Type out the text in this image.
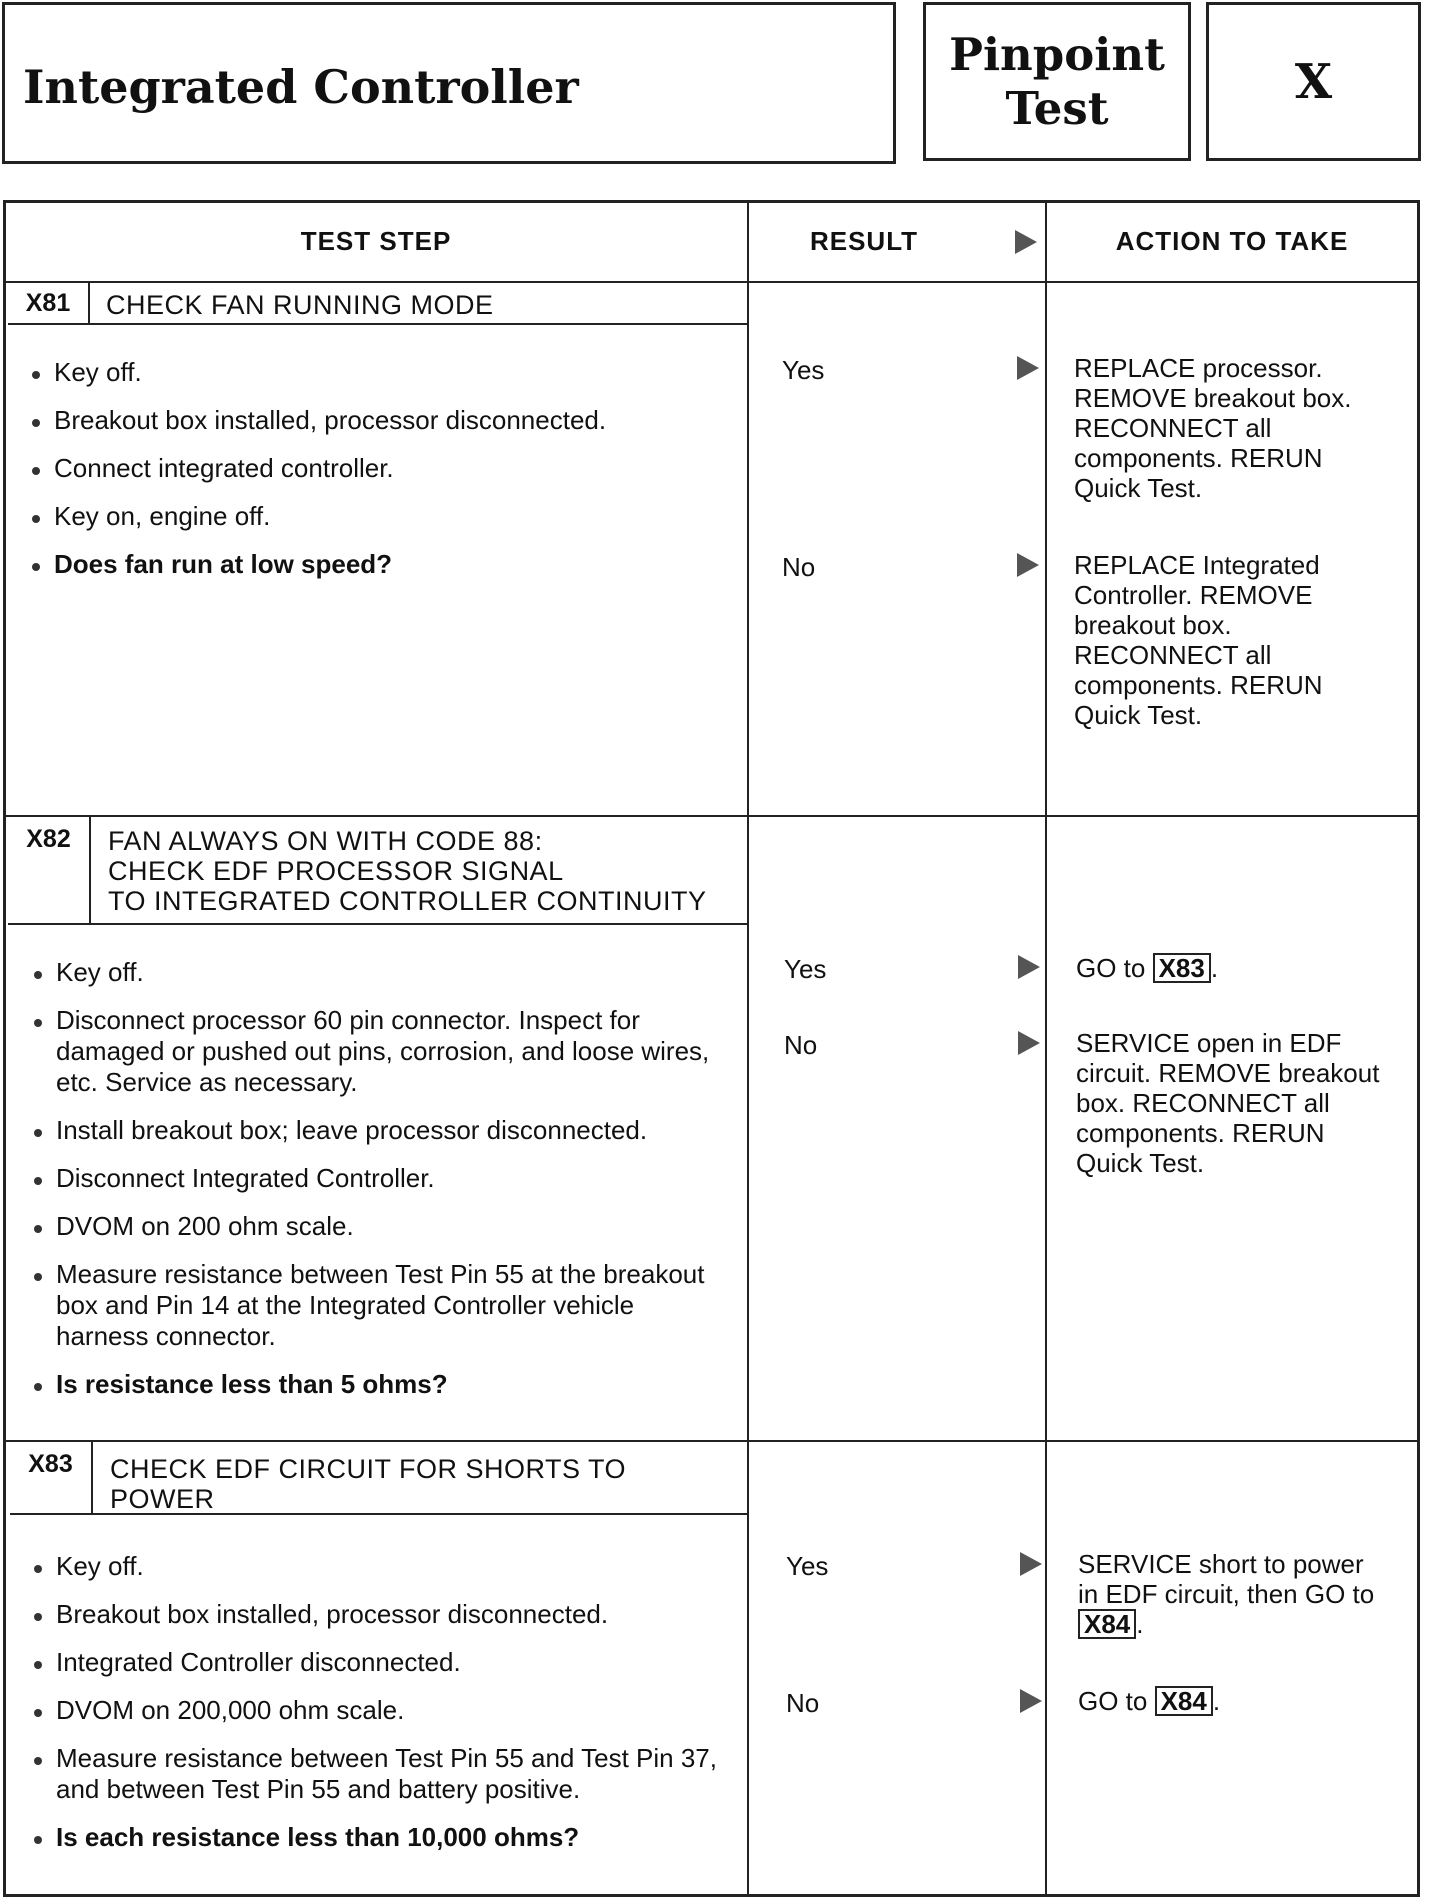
Integrated Controller
Pinpoint
Test	X
TEST STEP	RESULT	ACTION TO TAKE
X81	CHECK FAN RUNNING MODE
Key off.
Breakout box installed, processor disconnected.
Connect integrated controller.
Key on, engine off.
Does fan run at low speed?
Yes	REPLACE processor. REMOVE breakout box. RECONNECT all components. RERUN Quick Test.
No	REPLACE Integrated Controller. REMOVE breakout box. RECONNECT all components. RERUN Quick Test.
X82	FAN ALWAYS ON WITH CODE 88:
CHECK EDF PROCESSOR SIGNAL
TO INTEGRATED CONTROLLER CONTINUITY
Key off.
Disconnect processor 60 pin connector. Inspect for damaged or pushed out pins, corrosion, and loose wires, etc. Service as necessary.
Install breakout box; leave processor disconnected.
Disconnect Integrated Controller.
DVOM on 200 ohm scale.
Measure resistance between Test Pin 55 at the breakout box and Pin 14 at the Integrated Controller vehicle harness connector.
Is resistance less than 5 ohms?
Yes	GO to X83 .
No	SERVICE open in EDF circuit. REMOVE breakout box. RECONNECT all components. RERUN Quick Test.
X83	CHECK EDF CIRCUIT FOR SHORTS TO
POWER
Key off.
Breakout box installed, processor disconnected.
Integrated Controller disconnected.
DVOM on 200,000 ohm scale.
Measure resistance between Test Pin 55 and Test Pin 37, and between Test Pin 55 and battery positive.
Is each resistance less than 10,000 ohms?
Yes	SERVICE short to power in EDF circuit, then GO to X84 .
No	GO to X84 .
